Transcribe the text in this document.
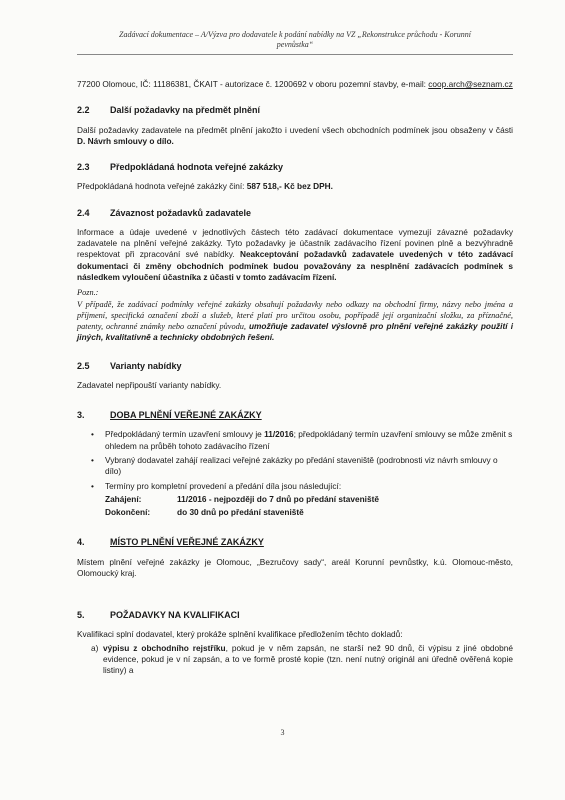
Zadávací dokumentace – A/Výzva pro dodavatele k podání nabídky na VZ „Rekonstrukce průchodu - Korunní
pevnůstka“

77200 Olomouc, IČ: 11186381, ČKAIT - autorizace č. 1200692 v oboru pozemní stavby, e-mail: coop.arch@seznam.cz

2.2	Další požadavky na předmět plnění

Další požadavky zadavatele na předmět plnění jakožto i uvedení všech obchodních podmínek jsou obsaženy v části D. Návrh smlouvy o dílo.

2.3	Předpokládaná hodnota veřejné zakázky

Předpokládaná hodnota veřejné zakázky činí: 587 518,- Kč bez DPH.

2.4	Závaznost požadavků zadavatele

Informace a údaje uvedené v jednotlivých částech této zadávací dokumentace vymezují závazné požadavky zadavatele na plnění veřejné zakázky. Tyto požadavky je účastník zadávacího řízení povinen plně a bezvýhradně respektovat při zpracování své nabídky. Neakceptování požadavků zadavatele uvedených v této zadávací dokumentaci či změny obchodních podmínek budou považovány za nesplnění zadávacích podmínek s následkem vyloučení účastníka z účasti v tomto zadávacím řízení.

Pozn.:

V případě, že zadávací podmínky veřejné zakázky obsahují požadavky nebo odkazy na obchodní firmy, názvy nebo jména a příjmení, specifická označení zboží a služeb, které platí pro určitou osobu, popřípadě její organizační složku, za příznačné, patenty, ochranné známky nebo označení původu, umožňuje zadavatel výslovně pro plnění veřejné zakázky použití i jiných, kvalitativně a technicky obdobných řešení.

2.5	Varianty nabídky

Zadavatel nepřipouští varianty nabídky.

3.	DOBA PLNĚNÍ VEŘEJNÉ ZAKÁZKY
• Předpokládaný termín uzavření smlouvy je 11/2016; předpokládaný termín uzavření smlouvy se může změnit s ohledem na průběh tohoto zadávacího řízení
• Vybraný dodavatel zahájí realizaci veřejné zakázky po předání staveniště (podrobnosti viz návrh smlouvy o dílo)
• Termíny pro kompletní provedení a předání díla jsou následující:
Zahájení:	11/2016 - nejpozději do 7 dnů po předání staveniště
Dokončení:	do 30 dnů po předání staveniště
4.	MÍSTO PLNĚNÍ VEŘEJNÉ ZAKÁZKY

Místem plnění veřejné zakázky je Olomouc, „Bezručovy sady“, areál Korunní pevnůstky, k.ú. Olomouc-město, Olomoucký kraj.

5.	POŽADAVKY NA KVALIFIKACI

Kvalifikaci splní dodavatel, který prokáže splnění kvalifikace předložením těchto dokladů:

a) výpisu z obchodního rejstříku, pokud je v něm zapsán, ne starší než 90 dnů, či výpisu z jiné obdobné evidence, pokud je v ní zapsán, a to ve formě prosté kopie (tzn. není nutný originál ani úředně ověřená kopie listiny) a
3
